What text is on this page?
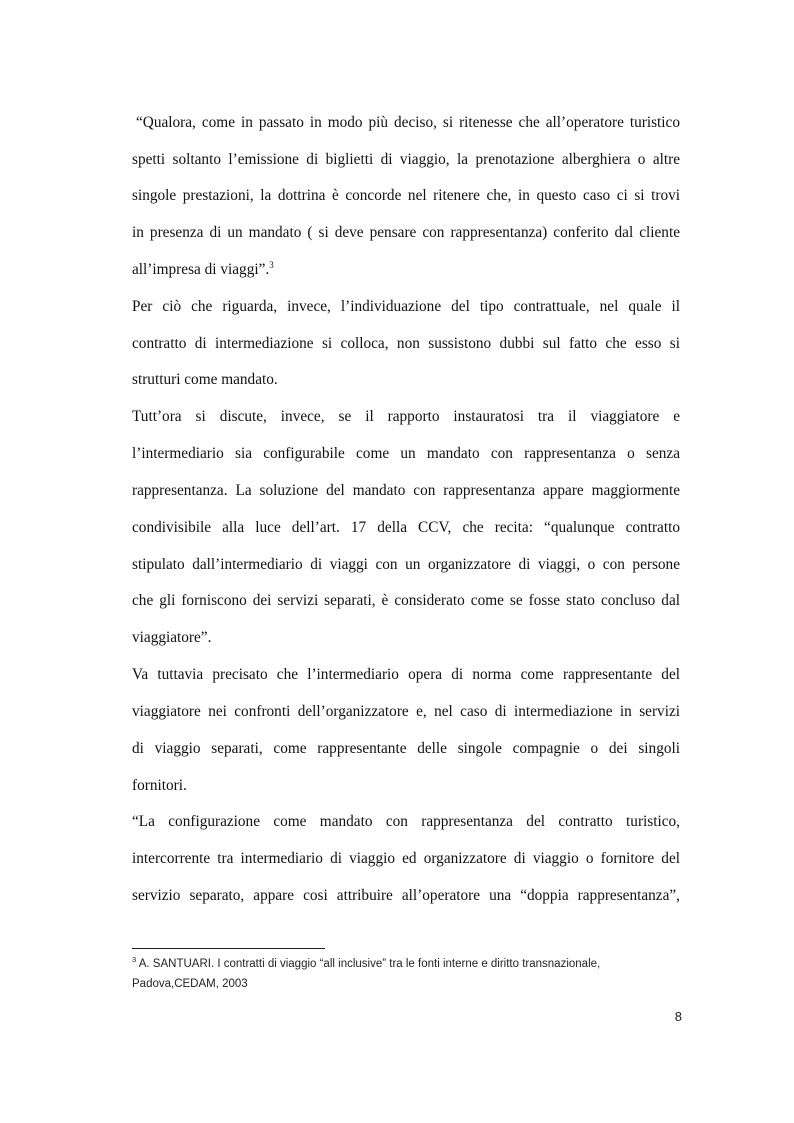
“Qualora, come in passato in modo più deciso, si ritenesse che all’operatore turistico

spetti soltanto l’emissione di biglietti di viaggio, la prenotazione alberghiera o altre

singole prestazioni, la dottrina è concorde nel ritenere che, in questo caso ci si trovi

in presenza di un mandato ( si deve pensare con rappresentanza) conferito dal cliente

all’impresa di viaggi”.$^3$

Per ciò che riguarda, invece, l’individuazione del tipo contrattuale, nel quale il

contratto di intermediazione si colloca, non sussistono dubbi sul fatto che esso si

strutturi come mandato.

Tutt’ora si discute, invece, se il rapporto instauratosi tra il viaggiatore e

l’intermediario sia configurabile come un mandato con rappresentanza o senza

rappresentanza. La soluzione del mandato con rappresentanza appare maggiormente

condivisibile alla luce dell’art. 17 della CCV, che recita: “qualunque contratto

stipulato dall’intermediario di viaggi con un organizzatore di viaggi, o con persone

che gli forniscono dei servizi separati, è considerato come se fosse stato concluso dal

viaggiatore”.

Va tuttavia precisato che l’intermediario opera di norma come rappresentante del

viaggiatore nei confronti dell’organizzatore e, nel caso di intermediazione in servizi

di viaggio separati, come rappresentante delle singole compagnie o dei singoli

fornitori.

“La configurazione come mandato con rappresentanza del contratto turistico,

intercorrente tra intermediario di viaggio ed organizzatore di viaggio o fornitore del

servizio separato, appare cosi attribuire all’operatore una “doppia rappresentanza”,

$^3$ A. SANTUARI. I contratti di viaggio “all inclusive” tra le fonti interne e diritto transnazionale,

Padova,CEDAM, 2003

8
